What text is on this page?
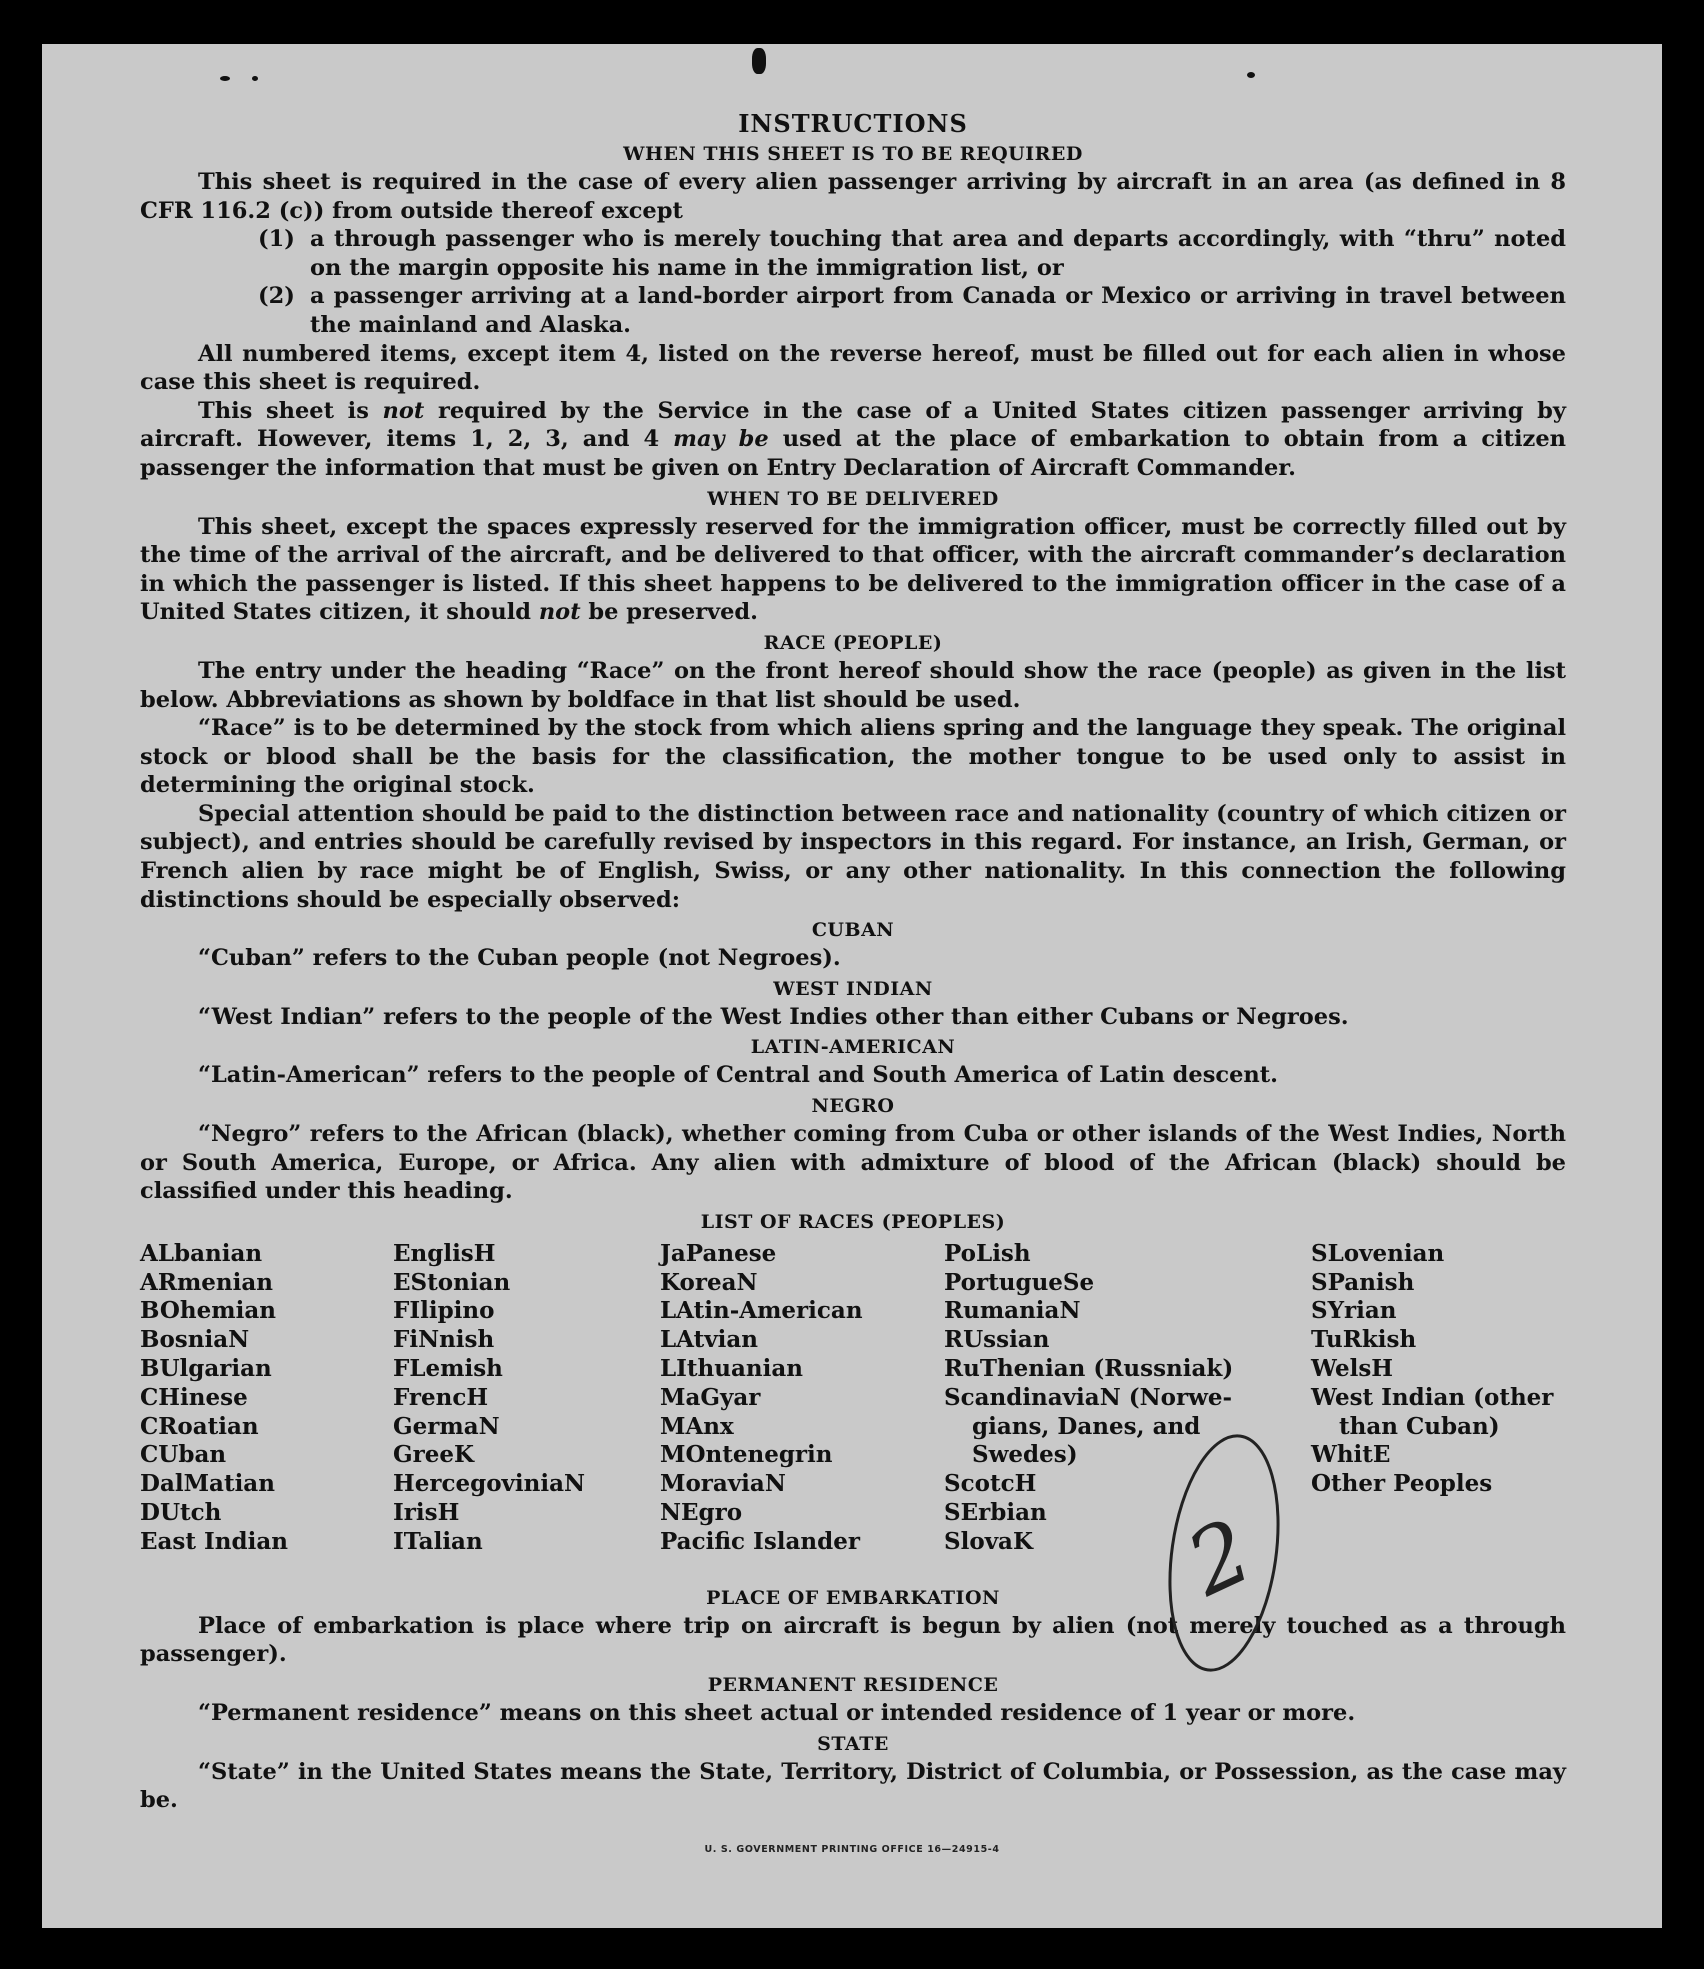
INSTRUCTIONS
WHEN THIS SHEET IS TO BE REQUIRED

This sheet is required in the case of every alien passenger arriving by aircraft in an area (as defined in 8 CFR 116.2 (c)) from outside thereof except

(1) a through passenger who is merely touching that area and departs accordingly, with “thru” noted on the margin opposite his name in the immigration list, or
(2) a passenger arriving at a land-border airport from Canada or Mexico or arriving in travel between the mainland and Alaska.

All numbered items, except item 4, listed on the reverse hereof, must be filled out for each alien in whose case this sheet is required.

This sheet is not required by the Service in the case of a United States citizen passenger arriving by aircraft. However, items 1, 2, 3, and 4 may be used at the place of embarkation to obtain from a citizen passenger the information that must be given on Entry Declaration of Aircraft Commander.

WHEN TO BE DELIVERED

This sheet, except the spaces expressly reserved for the immigration officer, must be correctly filled out by the time of the arrival of the aircraft, and be delivered to that officer, with the aircraft commander’s declaration in which the passenger is listed. If this sheet happens to be delivered to the immigration officer in the case of a United States citizen, it should not be preserved.

RACE (PEOPLE)

The entry under the heading “Race” on the front hereof should show the race (people) as given in the list below. Abbreviations as shown by boldface in that list should be used.

“Race” is to be determined by the stock from which aliens spring and the language they speak. The original stock or blood shall be the basis for the classification, the mother tongue to be used only to assist in determining the original stock.

Special attention should be paid to the distinction between race and nationality (country of which citizen or subject), and entries should be carefully revised by inspectors in this regard. For instance, an Irish, German, or French alien by race might be of English, Swiss, or any other nationality. In this connection the following distinctions should be especially observed:

CUBAN

“Cuban” refers to the Cuban people (not Negroes).

WEST INDIAN

“West Indian” refers to the people of the West Indies other than either Cubans or Negroes.

LATIN-AMERICAN

“Latin-American” refers to the people of Central and South America of Latin descent.

NEGRO

“Negro” refers to the African (black), whether coming from Cuba or other islands of the West Indies, North or South America, Europe, or Africa. Any alien with admixture of blood of the African (black) should be classified under this heading.

LIST OF RACES (PEOPLES)
ALbanian
ARmenian
BOhemian
BosniaN
BUlgarian
CHinese
CRoatian
CUban
DalMatian
DUtch
East Indian
EnglisH
EStonian
FIlipino
FiNnish
FLemish
FrencH
GermaN
GreeK
HercegoviniaN
IrisH
ITalian
JaPanese
KoreaN
LAtin-American
LAtvian
LIthuanian
MaGyar
MAnx
MOntenegrin
MoraviaN
NEgro
Pacific Islander
PoLish
PortugueSe
RumaniaN
RUssian
RuThenian (Russniak)
ScandinaviaN (Norwe-
gians, Danes, and
Swedes)
ScotcH
SErbian
SlovaK
SLovenian
SPanish
SYrian
TuRkish
WelsH
West Indian (other
than Cuban)
WhitE
Other Peoples
PLACE OF EMBARKATION

Place of embarkation is place where trip on aircraft is begun by alien (not merely touched as a through passenger).

PERMANENT RESIDENCE

“Permanent residence” means on this sheet actual or intended residence of 1 year or more.

STATE

“State” in the United States means the State, Territory, District of Columbia, or Possession, as the case may be.

U. S. GOVERNMENT PRINTING OFFICE 16—24915-4
2
